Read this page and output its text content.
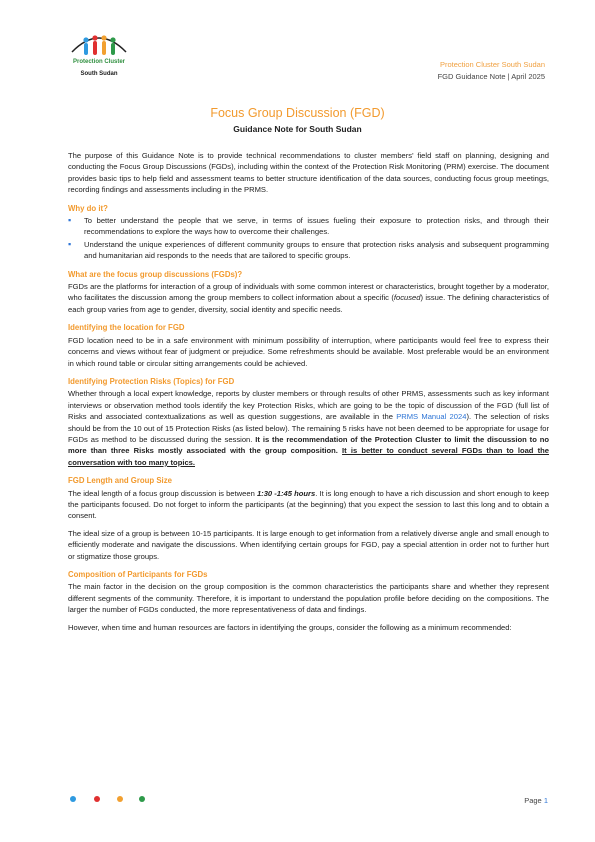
Protection Cluster
South Sudan
Protection Cluster South Sudan
FGD Guidance Note | April 2025
Focus Group Discussion (FGD)
Guidance Note for South Sudan

The purpose of this Guidance Note is to provide technical recommendations to cluster members' field staff on planning, designing and conducting the Focus Group Discussions (FGDs), including within the context of the Protection Risk Monitoring (PRM) exercise. The document provides basic tips to help field and assessment teams to better structure identification of the data sources, conducting focus group meetings, recording findings and assessments including in the PRMS.

Why do it?
▪ To better understand the people that we serve, in terms of issues fueling their exposure to protection risks, and through their recommendations to explore the ways how to overcome their challenges.
▪ Understand the unique experiences of different community groups to ensure that protection risks analysis and subsequent programming and humanitarian aid responds to the needs that are tailored to specific groups.
What are the focus group discussions (FGDs)?

FGDs are the platforms for interaction of a group of individuals with some common interest or characteristics, brought together by a moderator, who facilitates the discussion among the group members to collect information about a specific (focused) issue. The defining characteristics of each group varies from age to gender, diversity, social identity and specific needs.

Identifying the location for FGD

FGD location need to be in a safe environment with minimum possibility of interruption, where participants would feel free to express their concerns and views without fear of judgment or prejudice. Some refreshments should be available. Most preferable would be an environment in which round table or circular sitting arrangements could be achieved.

Identifying Protection Risks (Topics) for FGD

Whether through a local expert knowledge, reports by cluster members or through results of other PRMS, assessments such as key informant interviews or observation method tools identify the key Protection Risks, which are going to be the topic of discussion of the FGD (full list of Risks and associated contextualizations as well as question suggestions, are available in the PRMS Manual 2024). The selection of risks should be from the 10 out of 15 Protection Risks (as listed below). The remaining 5 risks have not been deemed to be appropriate for usage for FGDs as method to be discussed during the session. It is the recommendation of the Protection Cluster to limit the discussion to no more than three Risks mostly associated with the group composition. It is better to conduct several FGDs than to load the conversation with too many topics.

FGD Length and Group Size

The ideal length of a focus group discussion is between 1:30 -1:45 hours. It is long enough to have a rich discussion and short enough to keep the participants focused. Do not forget to inform the participants (at the beginning) that you expect the session to last this long and to obtain a consent.

The ideal size of a group is between 10-15 participants. It is large enough to get information from a relatively diverse angle and small enough to efficiently moderate and navigate the discussions. When identifying certain groups for FGD, pay a special attention in order not to further hurt or stigmatize those groups.

Composition of Participants for FGDs

The main factor in the decision on the group composition is the common characteristics the participants share and whether they represent different segments of the community. Therefore, it is important to understand the population profile before deciding on the compositions. The larger the number of FGDs conducted, the more representativeness of data and findings.

However, when time and human resources are factors in identifying the groups, consider the following as a minimum recommended:

Page 1
